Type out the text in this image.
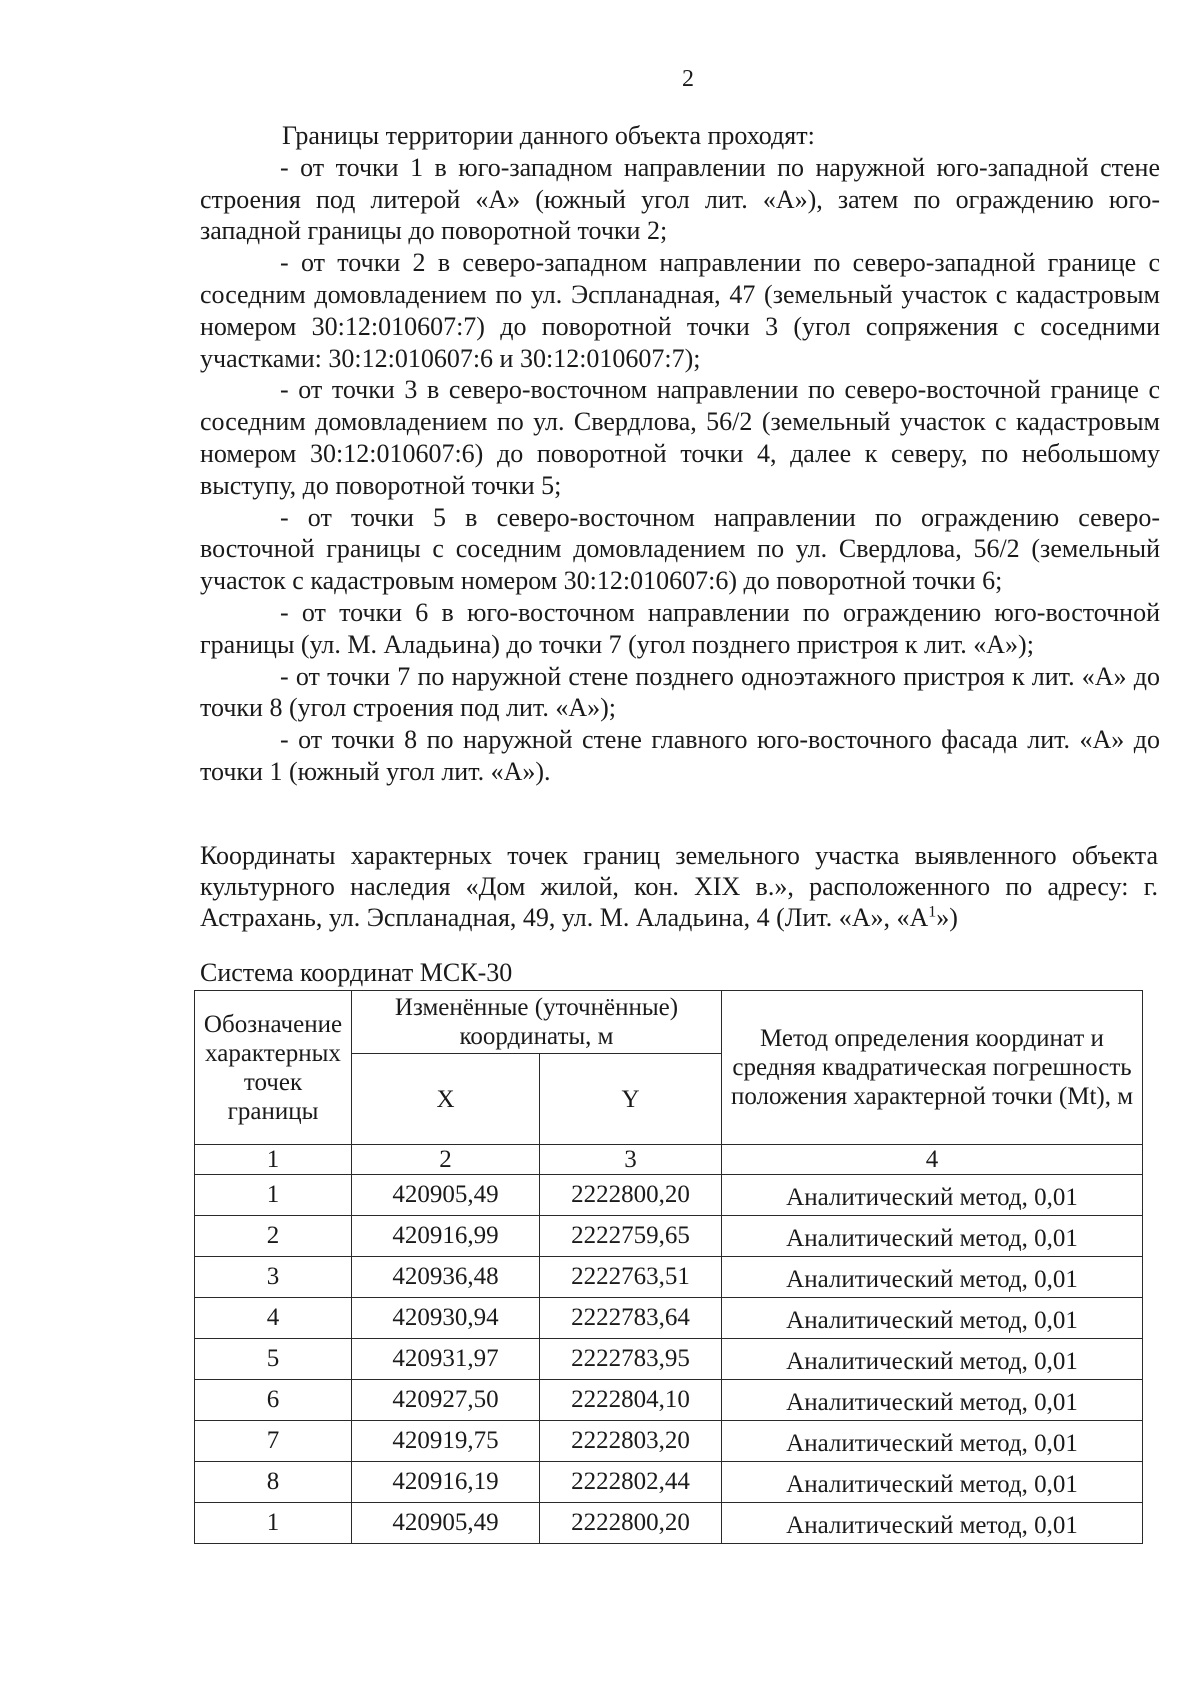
2

Границы территории данного объекта проходят:

- от точки 1 в юго-западном направлении по наружной юго-западной стене строения под литерой «А» (южный угол лит. «А»), затем по ограждению юго-западной границы до поворотной точки 2;

- от точки 2 в северо-западном направлении по северо-западной границе с соседним домовладением по ул. Эспланадная, 47 (земельный участок с кадастровым номером 30:12:010607:7) до поворотной точки 3 (угол сопряжения с соседними участками: 30:12:010607:6 и 30:12:010607:7);

- от точки 3 в северо-восточном направлении по северо-восточной границе с соседним домовладением по ул. Свердлова, 56/2 (земельный участок с кадастровым номером 30:12:010607:6) до поворотной точки 4, далее к северу, по небольшому выступу, до поворотной точки 5;

- от точки 5 в северо-восточном направлении по ограждению северо-восточной границы с соседним домовладением по ул. Свердлова, 56/2 (земельный участок с кадастровым номером 30:12:010607:6) до поворотной точки 6;

- от точки 6 в юго-восточном направлении по ограждению юго-восточной границы (ул. М. Аладьина) до точки 7 (угол позднего пристроя к лит. «А»);

- от точки 7 по наружной стене позднего одноэтажного пристроя к лит. «А» до точки 8 (угол строения под лит. «А»);

- от точки 8 по наружной стене главного юго-восточного фасада лит. «А» до точки 1 (южный угол лит. «А»).

Координаты характерных точек границ земельного участка выявленного объекта культурного наследия «Дом жилой, кон. XIX в.», расположенного по адресу: г. Астрахань, ул. Эспланадная, 49, ул. М. Аладьина, 4 (Лит. «А», «$А^1$»)

Система координат МСК-30

Обозначение характерных точек границы	Изменённые (уточнённые) координаты, м		Метод определения координат и средняя квадратическая погрешность положения характерной точки (Mt), м
	X	Y	
1	2	3	4
1	420905,49	2222800,20	Аналитический метод, 0,01
2	420916,99	2222759,65	Аналитический метод, 0,01
3	420936,48	2222763,51	Аналитический метод, 0,01
4	420930,94	2222783,64	Аналитический метод, 0,01
5	420931,97	2222783,95	Аналитический метод, 0,01
6	420927,50	2222804,10	Аналитический метод, 0,01
7	420919,75	2222803,20	Аналитический метод, 0,01
8	420916,19	2222802,44	Аналитический метод, 0,01
1	420905,49	2222800,20	Аналитический метод, 0,01
